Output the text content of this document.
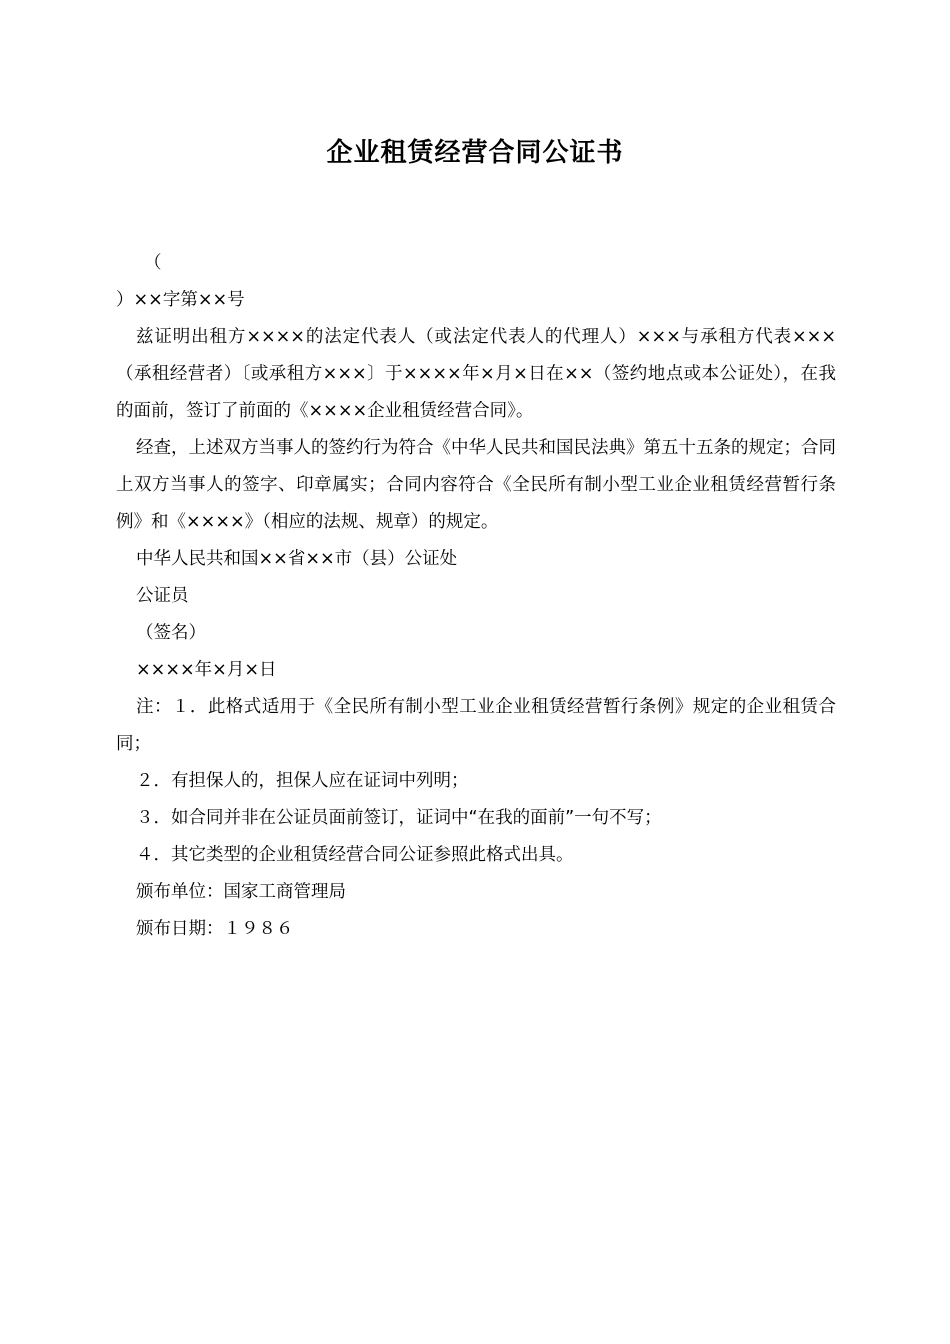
企业租赁经营合同公证书

（

）××字第××号

兹证明出租方××××的法定代表人（或法定代表人的代理人）×××与承租方代表×××（承租经营者）〔或承租方×××〕于××××年×月×日在××（签约地点或本公证处），在我的面前，签订了前面的《××××企业租赁经营合同》。

经查，上述双方当事人的签约行为符合《中华人民共和国民法典》第五十五条的规定；合同上双方当事人的签字、印章属实；合同内容符合《全民所有制小型工业企业租赁经营暂行条例》和《××××》（相应的法规、规章）的规定。

中华人民共和国××省××市（县）公证处

公证员

（签名）

××××年×月×日

注：１．此格式适用于《全民所有制小型工业企业租赁经营暂行条例》规定的企业租赁合同；

２．有担保人的，担保人应在证词中列明；

３．如合同并非在公证员面前签订，证词中“在我的面前”一句不写；

４．其它类型的企业租赁经营合同公证参照此格式出具。

颁布单位：国家工商管理局

颁布日期：１９８６
